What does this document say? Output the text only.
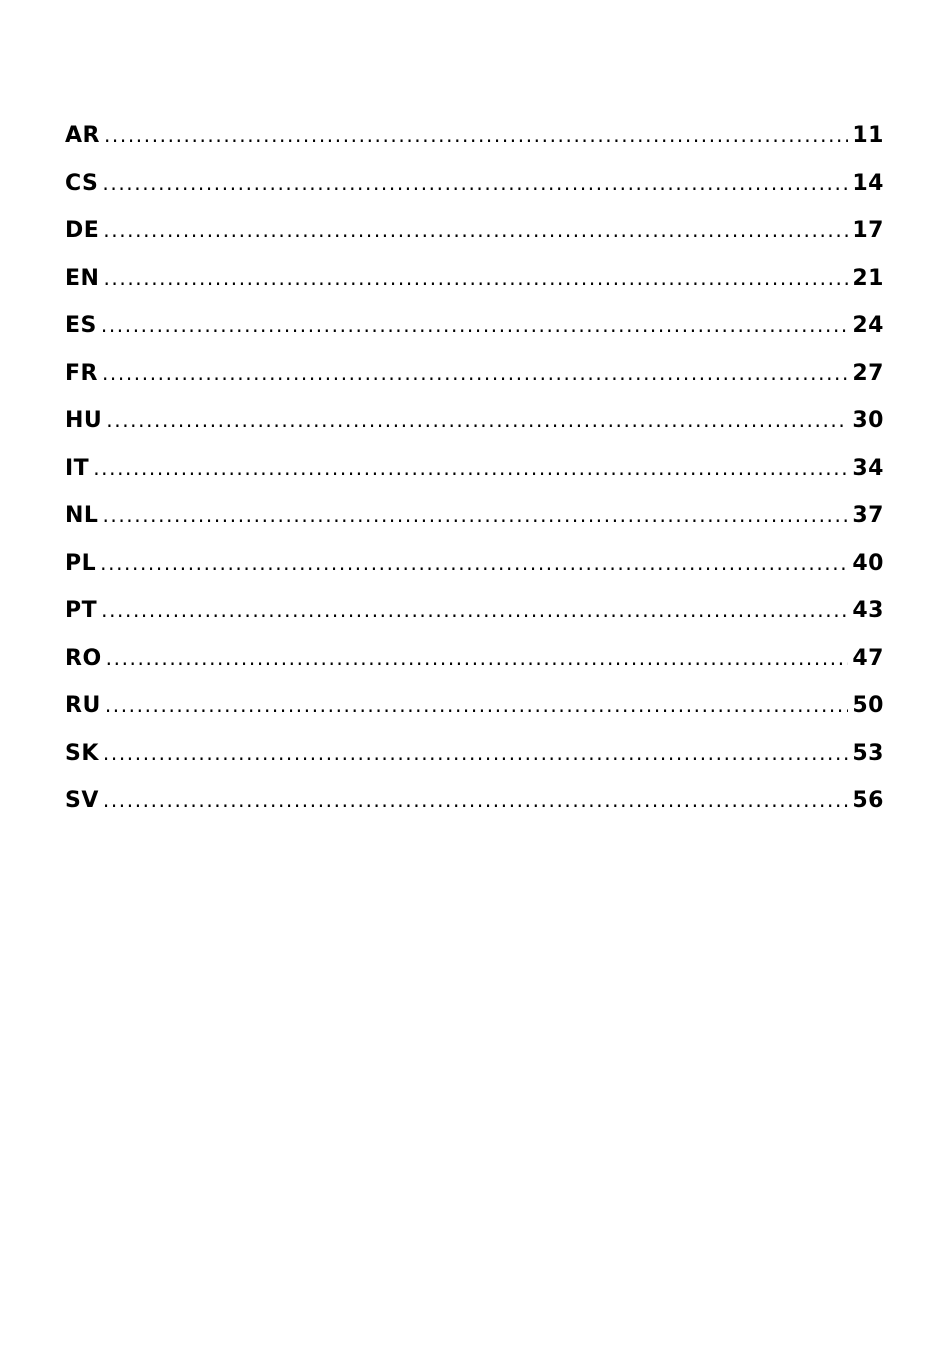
AR .....	11
CS .....	14
DE .....	17
EN .....	21
ES .....	24
FR .....	27
HU .....	30
IT .....	34
NL .....	37
PL .....	40
PT .....	43
RO .....	47
RU .....	50
SK .....	53
SV .....	56
